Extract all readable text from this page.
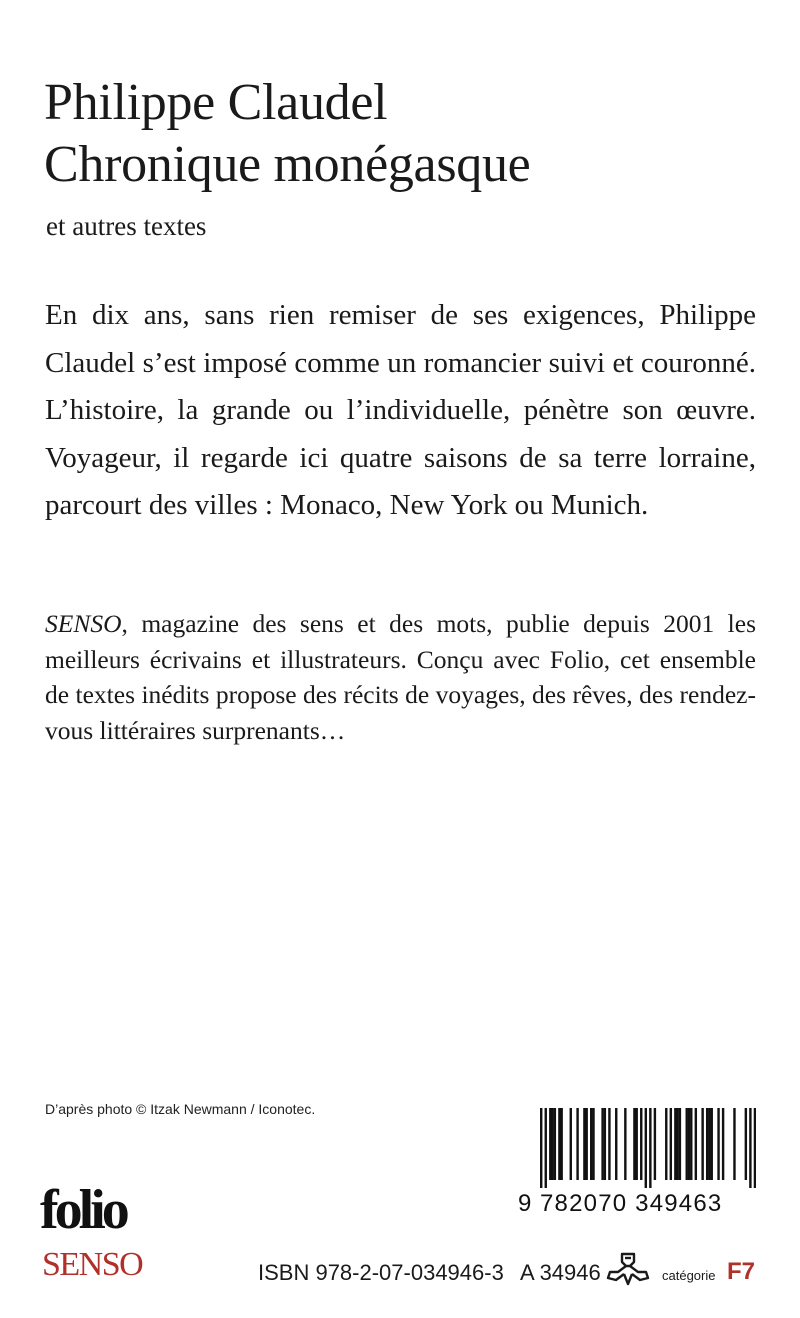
Philippe Claudel
Chronique monégasque

et autres textes

En dix ans, sans rien remiser de ses exigences, Philippe Claudel s’est imposé comme un romancier suivi et couronné. L’histoire, la grande ou l’individuelle, pénètre son œuvre. Voyageur, il regarde ici quatre saisons de sa terre lorraine, parcourt des villes : Monaco, New York ou Munich.

SENSO, magazine des sens et des mots, publie depuis 2001 les meilleurs écrivains et illustrateurs. Conçu avec Folio, cet ensemble de textes inédits propose des récits de voyages, des rêves, des rendez-vous littéraires surprenants…

D’après photo © Itzak Newmann / Iconotec.

folio
SENSO
9 782070 349463

ISBN 978-2-07-034946-3 A 34946	catégorie F7
